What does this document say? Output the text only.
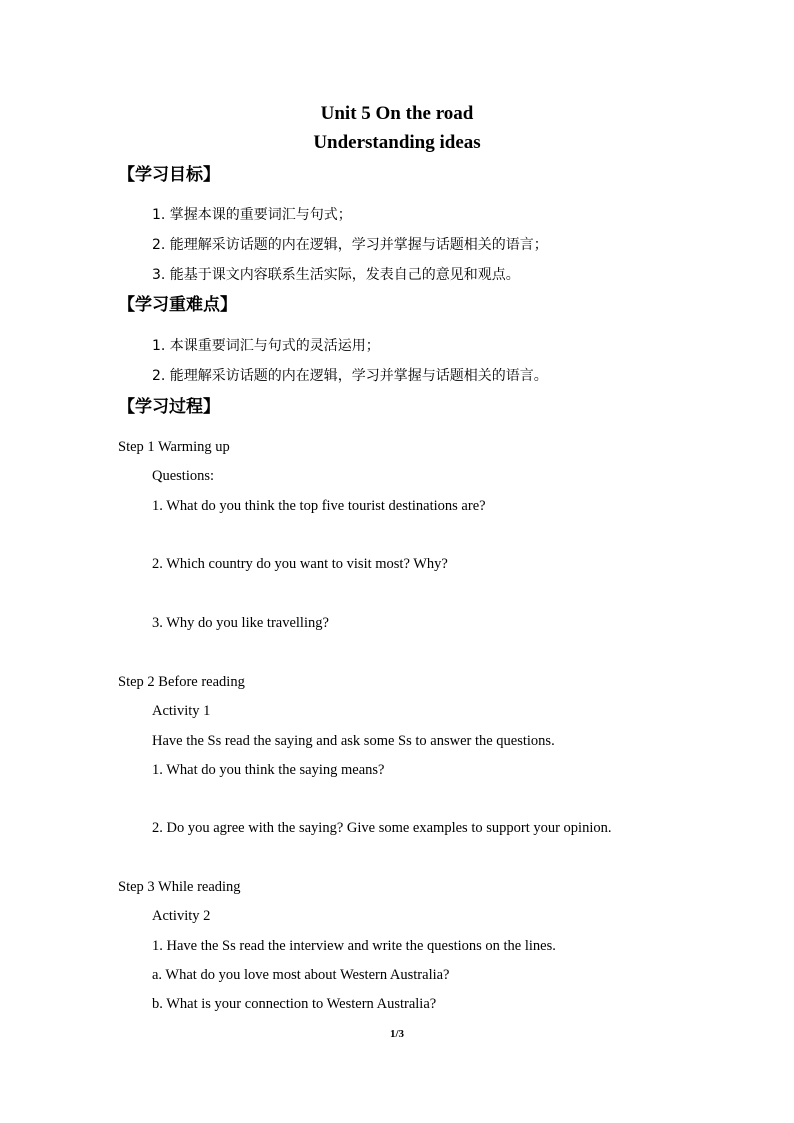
Unit 5 On the road
Understanding ideas
【学习目标】
1. 掌握本课的重要词汇与句式；
2. 能理解采访话题的内在逻辑，学习并掌握与话题相关的语言；
3. 能基于课文内容联系生活实际，发表自己的意见和观点。
【学习重难点】
1. 本课重要词汇与句式的灵活运用；
2. 能理解采访话题的内在逻辑，学习并掌握与话题相关的语言。
【学习过程】
Step 1 Warming up
Questions:
1. What do you think the top five tourist destinations are?
2. Which country do you want to visit most? Why?
3. Why do you like travelling?
Step 2 Before reading
Activity 1
Have the Ss read the saying and ask some Ss to answer the questions.
1. What do you think the saying means?
2. Do you agree with the saying? Give some examples to support your opinion.
Step 3 While reading
Activity 2
1. Have the Ss read the interview and write the questions on the lines.
a. What do you love most about Western Australia?
b. What is your connection to Western Australia?
1/3
